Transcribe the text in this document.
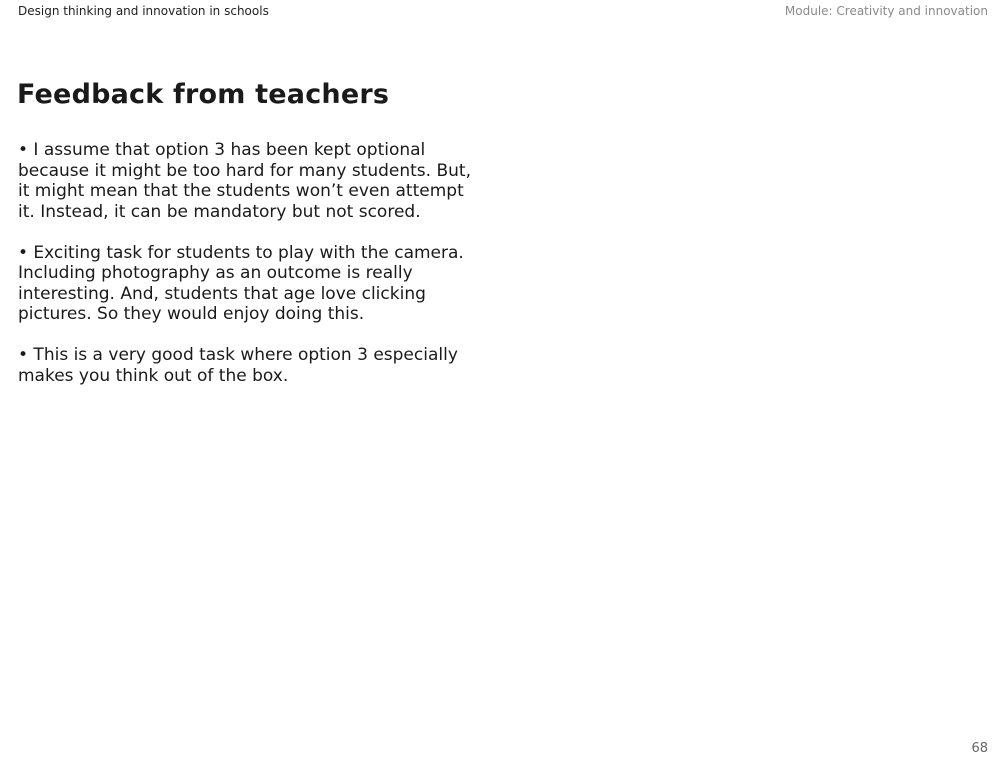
Design thinking and innovation in schools	Module: Creativity and innovation
Feedback from teachers

• I assume that option 3 has been kept optional because it might be too hard for many students. But, it might mean that the students won’t even attempt it. Instead, it can be mandatory but not scored.

• Exciting task for students to play with the camera. Including photography as an outcome is really interesting. And, students that age love clicking pictures. So they would enjoy doing this.

• This is a very good task where option 3 especially makes you think out of the box.

68
